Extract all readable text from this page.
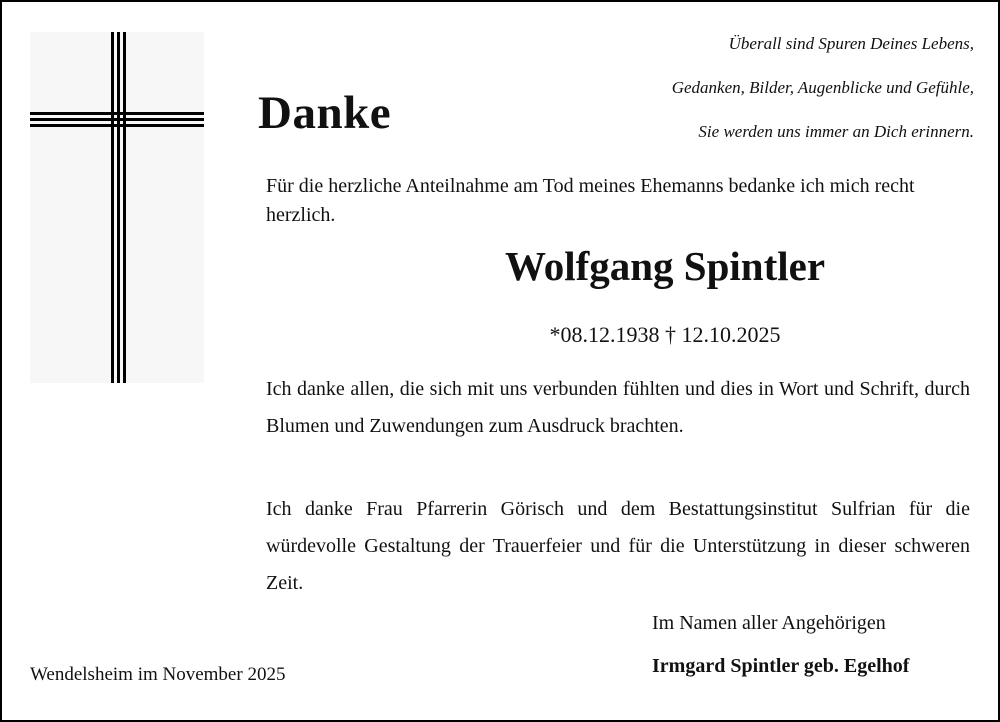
Danke
Überall sind Spuren Deines Lebens,
Gedanken, Bilder, Augenblicke und Gefühle,
Sie werden uns immer an Dich erinnern.

Für die herzliche Anteilnahme am Tod meines Ehemanns bedanke ich mich recht herzlich.

Wolfgang Spintler
*08.12.1938 † 12.10.2025

Ich danke allen, die sich mit uns verbunden fühlten und dies in Wort und Schrift, durch Blumen und Zuwendungen zum Ausdruck brachten.

Ich danke Frau Pfarrerin Görisch und dem Bestattungsinstitut Sulfrian für die würdevolle Gestaltung der Trauerfeier und für die Unterstützung in dieser schweren Zeit.

Im Namen aller Angehörigen
Irmgard Spintler geb. Egelhof
Wendelsheim im November 2025
